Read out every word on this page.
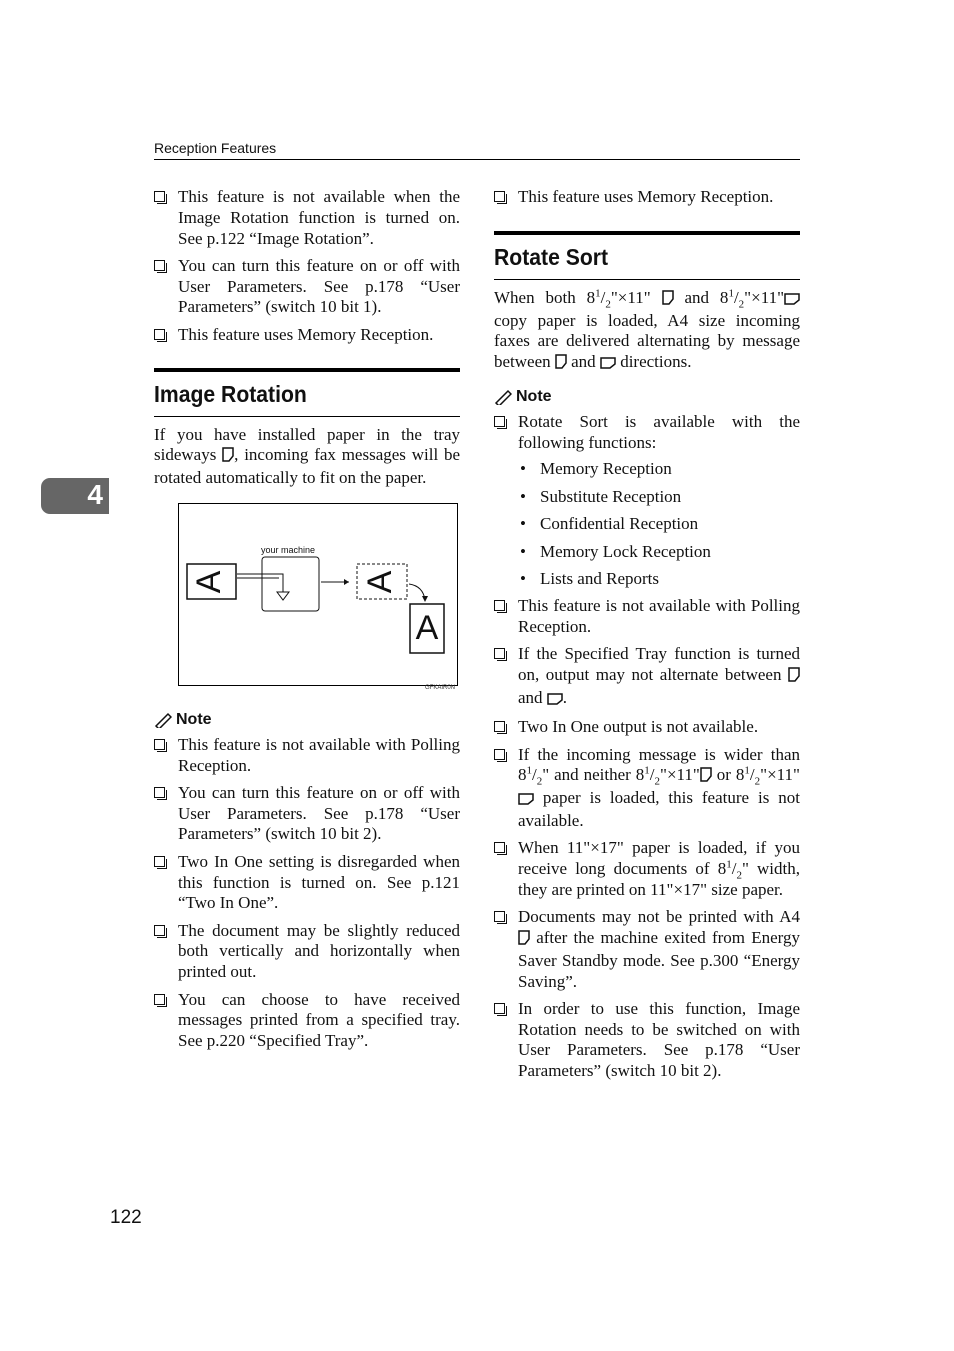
Reception Features
4
This feature is not available when the Image Rotation function is turned on. See p.122 “Image Rotation”.
You can turn this feature on or off with User Parameters. See p.178 “User Parameters” (switch 10 bit 1).
This feature uses Memory Reception.
Image Rotation

If you have installed paper in the tray sideways , incoming fax messages will be rotated automatically to fit on the paper.

your machine
A	A
A
GFKAIR0N
Note
This feature is not available with Polling Reception.
You can turn this feature on or off with User Parameters. See p.178 “User Parameters” (switch 10 bit 2).
Two In One setting is disregarded when this function is turned on. See p.121 “Two In One”.
The document may be slightly reduced both vertically and horizontally when printed out.
You can choose to have received messages printed from a specified tray. See p.220 “Specified Tray”.
This feature uses Memory Reception.
Rotate Sort

When both $8^1/_2"\times 11$"  and $8^1/_2"\times 11$" copy paper is loaded, A4 size incoming faxes are delivered alternating by message between  and  directions.

Note
Rotate Sort is available with the following functions:
• Memory Reception
• Substitute Reception
• Confidential Reception
• Memory Lock Reception
• Lists and Reports
This feature is not available with Polling Reception.
If the Specified Tray function is turned on, output may not alternate between  and .
Two In One output is not available.
If the incoming message is wider than $8^1/_2$" and neither $8^1/_2"\times 11$" or $8^1/_2"\times 11$" paper is loaded, this feature is not available.
When 11"×17" paper is loaded, if you receive long documents of $8^1/_2$" width, they are printed on 11"×17" size paper.
Documents may not be printed with A4  after the machine exited from Energy Saver Standby mode. See p.300 “Energy Saving”.
In order to use this function, Image Rotation needs to be switched on with User Parameters. See p.178 “User Parameters” (switch 10 bit 2).
122
